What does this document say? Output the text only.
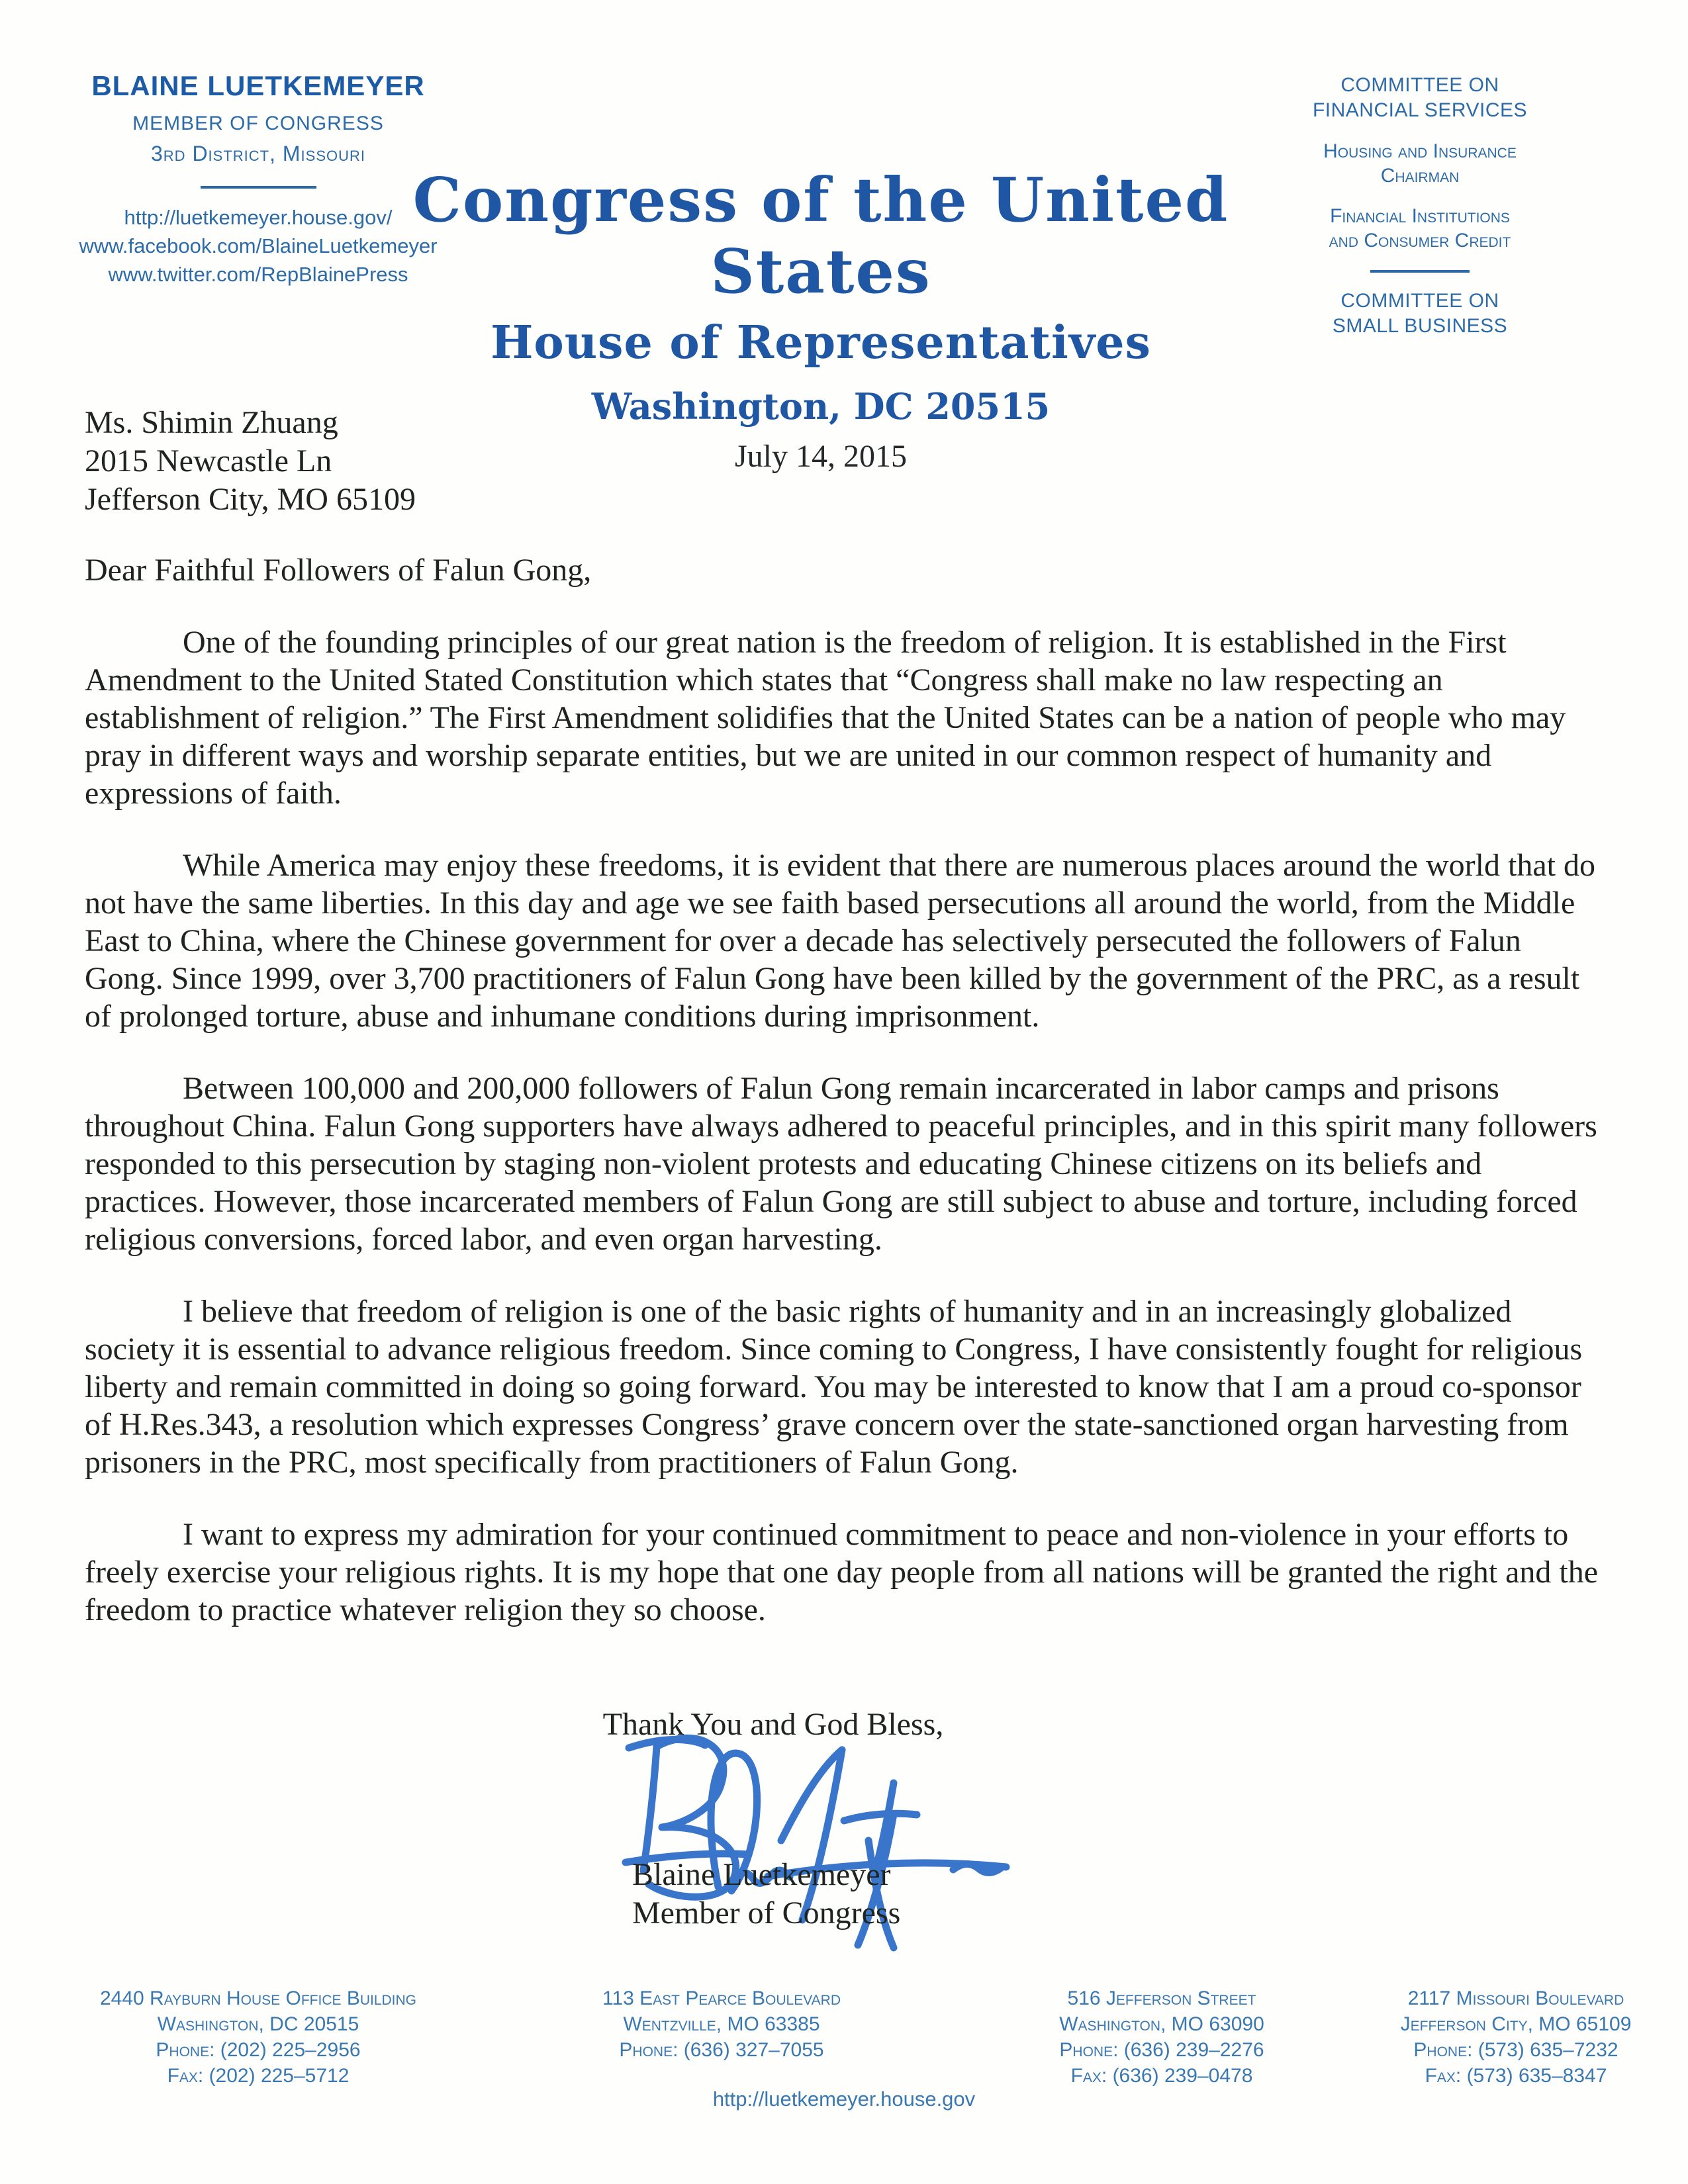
BLAINE LUETKEMEYER
MEMBER OF CONGRESS
3rd District, Missouri
http://luetkemeyer.house.gov/
www.facebook.com/BlaineLuetkemeyer
www.twitter.com/RepBlainePress
Congress of the United States
House of Representatives
Washington, DC 20515
July 14, 2015
COMMITTEE ON
FINANCIAL SERVICES
Housing and Insurance
Chairman
Financial Institutions
and Consumer Credit
COMMITTEE ON
SMALL BUSINESS
Ms. Shimin Zhuang
2015 Newcastle Ln
Jefferson City, MO 65109
Dear Faithful Followers of Falun Gong,

One of the founding principles of our great nation is the freedom of religion. It is established in the First Amendment to the United Stated Constitution which states that “Congress shall make no law respecting an establishment of religion.” The First Amendment solidifies that the United States can be a nation of people who may pray in different ways and worship separate entities, but we are united in our common respect of humanity and expressions of faith.

While America may enjoy these freedoms, it is evident that there are numerous places around the world that do not have the same liberties. In this day and age we see faith based persecutions all around the world, from the Middle East to China, where the Chinese government for over a decade has selectively persecuted the followers of Falun Gong. Since 1999, over 3,700 practitioners of Falun Gong have been killed by the government of the PRC, as a result of prolonged torture, abuse and inhumane conditions during imprisonment.

Between 100,000 and 200,000 followers of Falun Gong remain incarcerated in labor camps and prisons throughout China. Falun Gong supporters have always adhered to peaceful principles, and in this spirit many followers responded to this persecution by staging non-violent protests and educating Chinese citizens on its beliefs and practices. However, those incarcerated members of Falun Gong are still subject to abuse and torture, including forced religious conversions, forced labor, and even organ harvesting.

I believe that freedom of religion is one of the basic rights of humanity and in an increasingly globalized society it is essential to advance religious freedom. Since coming to Congress, I have consistently fought for religious liberty and remain committed in doing so going forward. You may be interested to know that I am a proud co-sponsor of H.Res.343, a resolution which expresses Congress’ grave concern over the state-sanctioned organ harvesting from prisoners in the PRC, most specifically from practitioners of Falun Gong.

I want to express my admiration for your continued commitment to peace and non-violence in your efforts to freely exercise your religious rights. It is my hope that one day people from all nations will be granted the right and the freedom to practice whatever religion they so choose.

Thank You and God Bless,
Blaine Luetkemeyer
Member of Congress
2440 Rayburn House Office Building
Washington, DC 20515
Phone: (202) 225–2956
Fax: (202) 225–5712
113 East Pearce Boulevard
Wentzville, MO 63385
Phone: (636) 327–7055
516 Jefferson Street
Washington, MO 63090
Phone: (636) 239–2276
Fax: (636) 239–0478
2117 Missouri Boulevard
Jefferson City, MO 65109
Phone: (573) 635–7232
Fax: (573) 635–8347
http://luetkemeyer.house.gov
